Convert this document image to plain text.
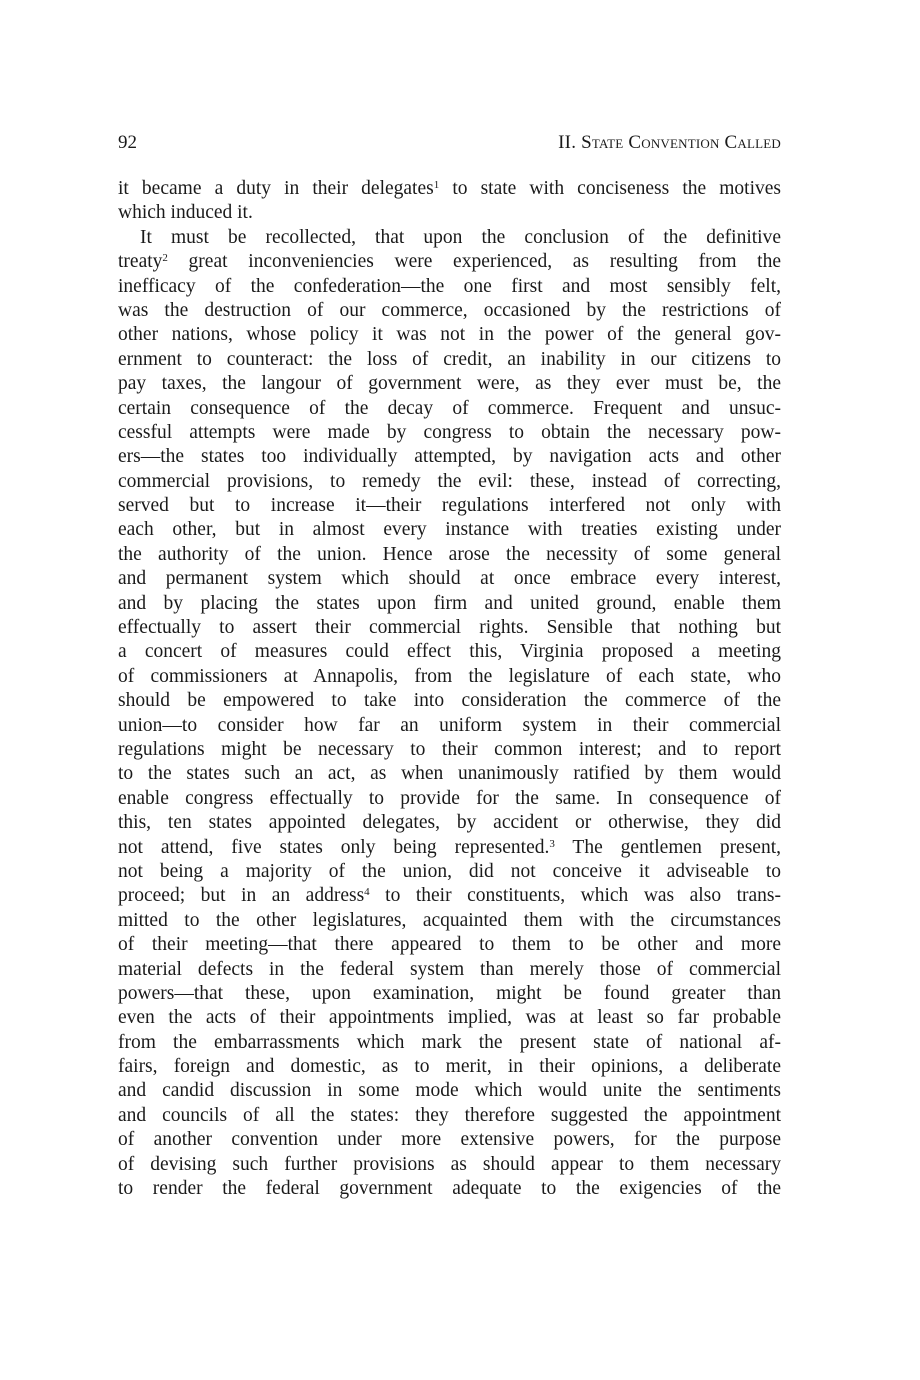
92	II. State Convention Called
it became a duty in their delegates$^1$ to state with conciseness the motives
which induced it.
It must be recollected, that upon the conclusion of the definitive
treaty$^2$ great inconveniencies were experienced, as resulting from the
inefficacy of the confederation—the one first and most sensibly felt,
was the destruction of our commerce, occasioned by the restrictions of
other nations, whose policy it was not in the power of the general gov-
ernment to counteract: the loss of credit, an inability in our citizens to
pay taxes, the langour of government were, as they ever must be, the
certain consequence of the decay of commerce. Frequent and unsuc-
cessful attempts were made by congress to obtain the necessary pow-
ers—the states too individually attempted, by navigation acts and other
commercial provisions, to remedy the evil: these, instead of correcting,
served but to increase it—their regulations interfered not only with
each other, but in almost every instance with treaties existing under
the authority of the union. Hence arose the necessity of some general
and permanent system which should at once embrace every interest,
and by placing the states upon firm and united ground, enable them
effectually to assert their commercial rights. Sensible that nothing but
a concert of measures could effect this, Virginia proposed a meeting
of commissioners at Annapolis, from the legislature of each state, who
should be empowered to take into consideration the commerce of the
union—to consider how far an uniform system in their commercial
regulations might be necessary to their common interest; and to report
to the states such an act, as when unanimously ratified by them would
enable congress effectually to provide for the same. In consequence of
this, ten states appointed delegates, by accident or otherwise, they did
not attend, five states only being represented.$^3$ The gentlemen present,
not being a majority of the union, did not conceive it adviseable to
proceed; but in an address$^4$ to their constituents, which was also trans-
mitted to the other legislatures, acquainted them with the circumstances
of their meeting—that there appeared to them to be other and more
material defects in the federal system than merely those of commercial
powers—that these, upon examination, might be found greater than
even the acts of their appointments implied, was at least so far probable
from the embarrassments which mark the present state of national af-
fairs, foreign and domestic, as to merit, in their opinions, a deliberate
and candid discussion in some mode which would unite the sentiments
and councils of all the states: they therefore suggested the appointment
of another convention under more extensive powers, for the purpose
of devising such further provisions as should appear to them necessary
to render the federal government adequate to the exigencies of the
